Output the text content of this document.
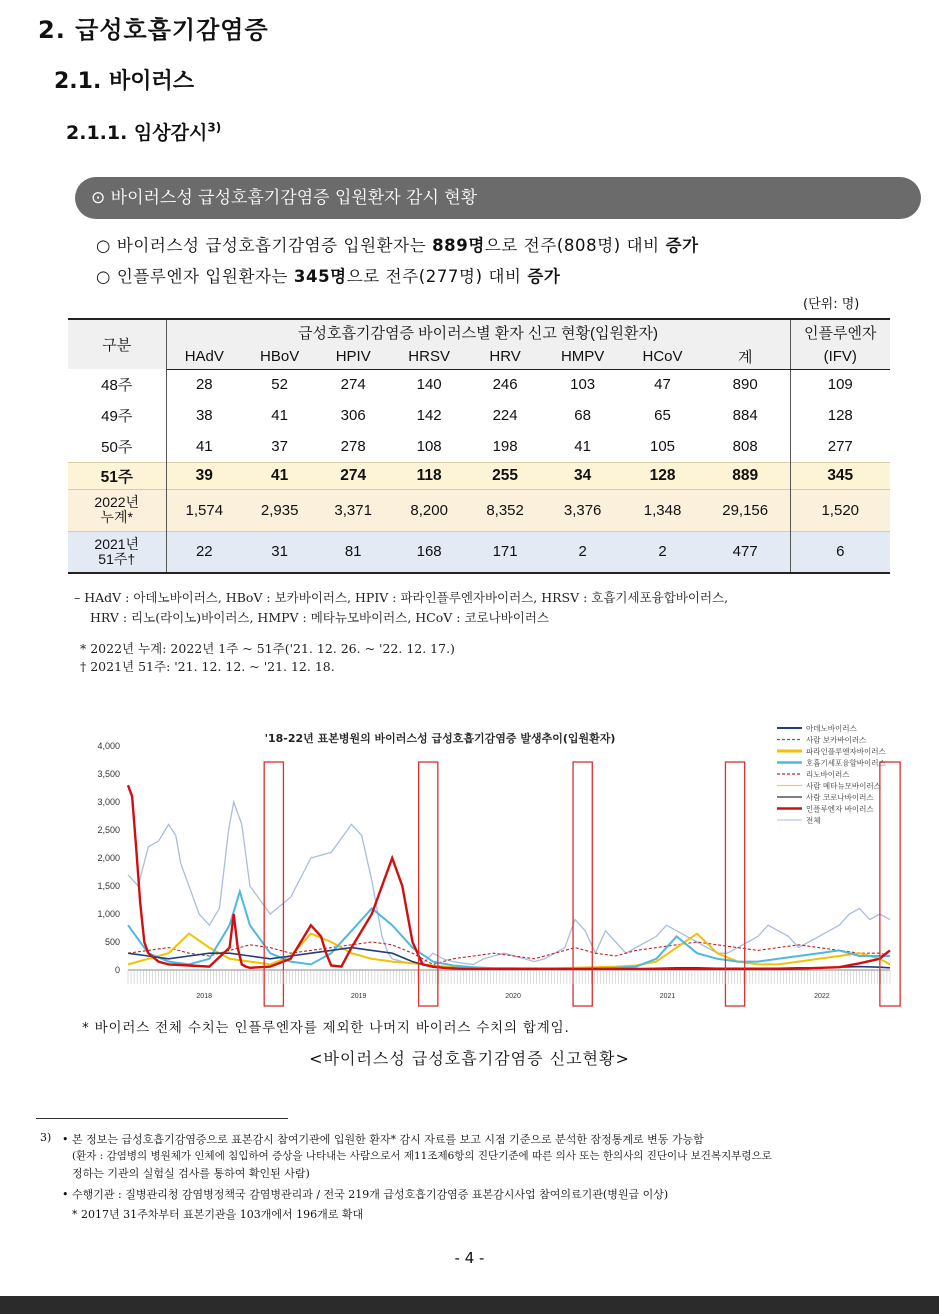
2. 급성호흡기감염증
2.1. 바이러스
2.1.1. 임상감시$^{3)}$
⊙ 바이러스성 급성호흡기감염증 입원환자 감시 현황
○ 바이러스성 급성호흡기감염증 입원환자는 889명으로 전주(808명) 대비 증가
○ 인플루엔자 입원환자는 345명으로 전주(277명) 대비 증가
(단위: 명)
구분	급성호흡기감염증 바이러스별 환자 신고 현황(입원환자)								인플루엔자
	HAdV	HBoV	HPIV	HRSV	HRV	HMPV	HCoV	계	(IFV)

48주	28	52	274	140	246	103	47	890	109

49주	38	41	306	142	224	68	65	884	128

50주	41	37	278	108	198	41	105	808	277

51주	39	41	274	118	255	34	128	889	345

2022년
누계*	1,574	2,935	3,371	8,200	8,352	3,376	1,348	29,156	1,520

2021년
51주†	22	31	81	168	171	2	2	477	6
– HAdV : 아데노바이러스, HBoV : 보카바이러스, HPIV : 파라인플루엔자바이러스, HRSV : 호흡기세포융합바이러스,
HRV : 리노(라이노)바이러스, HMPV : 메타뉴모바이러스, HCoV : 코로나바이러스
* 2022년 누계: 2022년 1주 ~ 51주('21. 12. 26. ~ '22. 12. 17.)
† 2021년 51주: '21. 12. 12. ~ '21. 12. 18.
'18-22년 표본병원의 바이러스성 급성호흡기감염증 발생추이(입원환자)
4,000
3,500
3,000
2,500
2,000
1,500
1,000
500
0
아데노바이러스
사람 보카바이러스
파라인플루엔자바이러스
호흡기세포융합바이러스
리노바이러스
사람 메타뉴모바이러스
사람 코로나바이러스
인플루엔자 바이러스
전체
2018	2019	2020	2021	2022
* 바이러스 전체 수치는 인플루엔자를 제외한 나머지 바이러스 수치의 합계임.
<바이러스성 급성호흡기감염증 신고현황>
3) • 본 정보는 급성호흡기감염증으로 표본감시 참여기관에 입원한 환자* 감시 자료를 보고 시점 기준으로 분석한 잠정통계로 변동 가능함
(환자 : 감염병의 병원체가 인체에 침입하여 증상을 나타내는 사람으로서 제11조제6항의 진단기준에 따른 의사 또는 한의사의 진단이나 보건복지부령으로
정하는 기관의 실험실 검사를 통하여 확인된 사람)
• 수행기관 : 질병관리청 감염병정책국 감염병관리과 / 전국 219개 급성호흡기감염증 표본감시사업 참여의료기관(병원급 이상)
* 2017년 31주차부터 표본기관을 103개에서 196개로 확대
- 4 -
